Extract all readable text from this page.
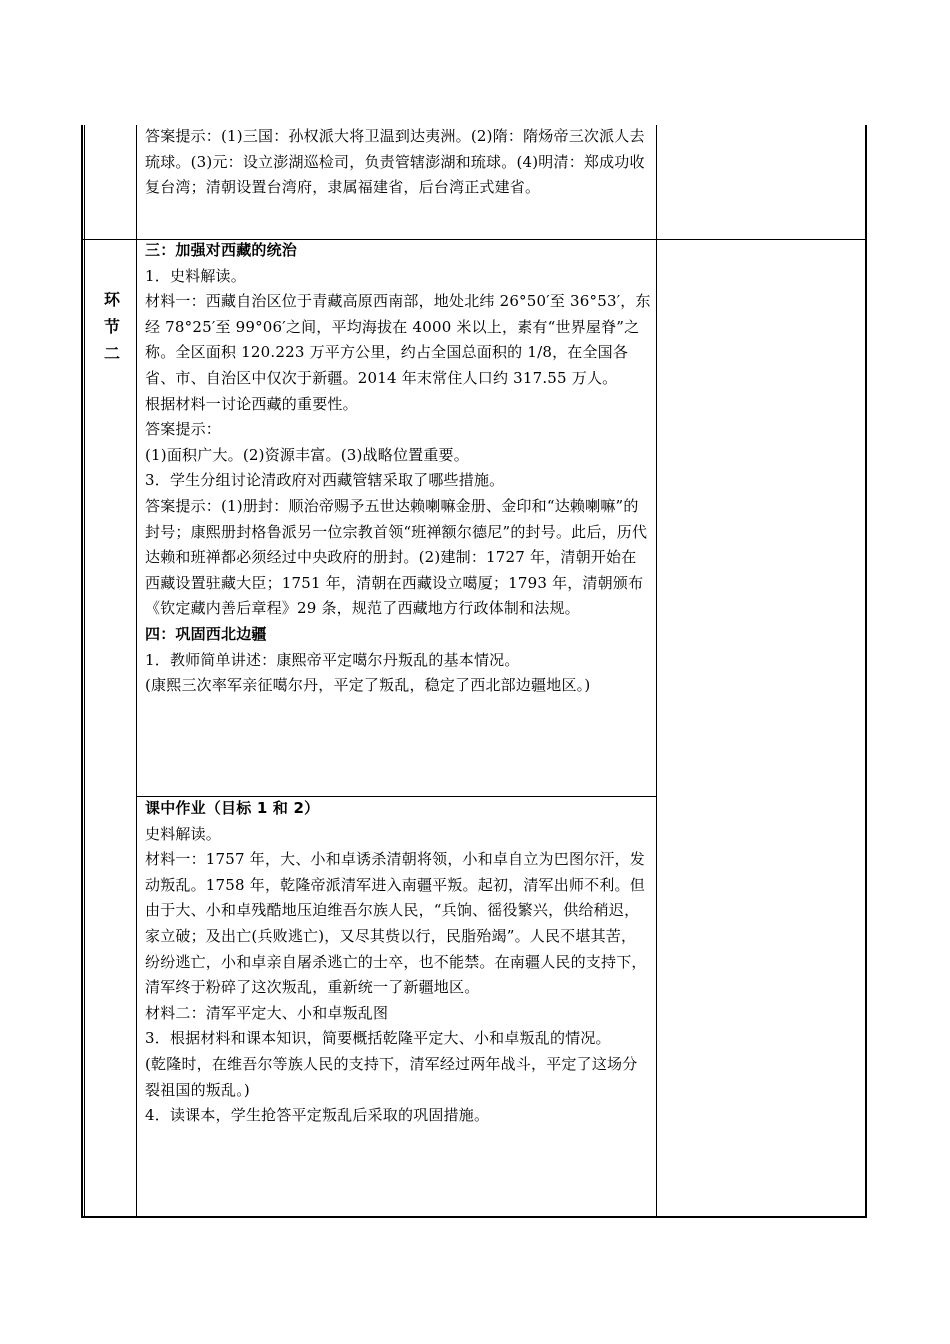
答案提示：(1)三国：孙权派大将卫温到达夷洲。(2)隋：隋炀帝三次派人去琉球。(3)元：设立澎湖巡检司，负责管辖澎湖和琉球。(4)明清：郑成功收复台湾；清朝设置台湾府，隶属福建省，后台湾正式建省。

环
节
二

三：加强对西藏的统治

1．史料解读。

材料一：西藏自治区位于青藏高原西南部，地处北纬 26°50′至 36°53′，东经 78°25′至 99°06′之间，平均海拔在 4000 米以上，素有“世界屋脊”之称。全区面积 120.223 万平方公里，约占全国总面积的 1/8，在全国各省、市、自治区中仅次于新疆。2014 年末常住人口约 317.55 万人。

根据材料一讨论西藏的重要性。

答案提示：

(1)面积广大。(2)资源丰富。(3)战略位置重要。

3．学生分组讨论清政府对西藏管辖采取了哪些措施。

答案提示：(1)册封：顺治帝赐予五世达赖喇嘛金册、金印和“达赖喇嘛”的封号；康熙册封格鲁派另一位宗教首领“班禅额尔德尼”的封号。此后，历代达赖和班禅都必须经过中央政府的册封。(2)建制：1727 年，清朝开始在西藏设置驻藏大臣；1751 年，清朝在西藏设立噶厦；1793 年，清朝颁布《钦定藏内善后章程》29 条，规范了西藏地方行政体制和法规。

四：巩固西北边疆

1．教师简单讲述：康熙帝平定噶尔丹叛乱的基本情况。

(康熙三次率军亲征噶尔丹，平定了叛乱，稳定了西北部边疆地区。)

课中作业（目标 1 和 2）

史料解读。

材料一：1757 年，大、小和卓诱杀清朝将领，小和卓自立为巴图尔汗，发动叛乱。1758 年，乾隆帝派清军进入南疆平叛。起初，清军出师不利。但由于大、小和卓残酷地压迫维吾尔族人民，“兵饷、徭役繁兴，供给稍迟，家立破；及出亡(兵败逃亡)，又尽其赀以行，民脂殆竭”。人民不堪其苦，纷纷逃亡，小和卓亲自屠杀逃亡的士卒，也不能禁。在南疆人民的支持下，清军终于粉碎了这次叛乱，重新统一了新疆地区。

材料二：清军平定大、小和卓叛乱图

3．根据材料和课本知识，简要概括乾隆平定大、小和卓叛乱的情况。

(乾隆时，在维吾尔等族人民的支持下，清军经过两年战斗，平定了这场分裂祖国的叛乱。)

4．读课本，学生抢答平定叛乱后采取的巩固措施。
